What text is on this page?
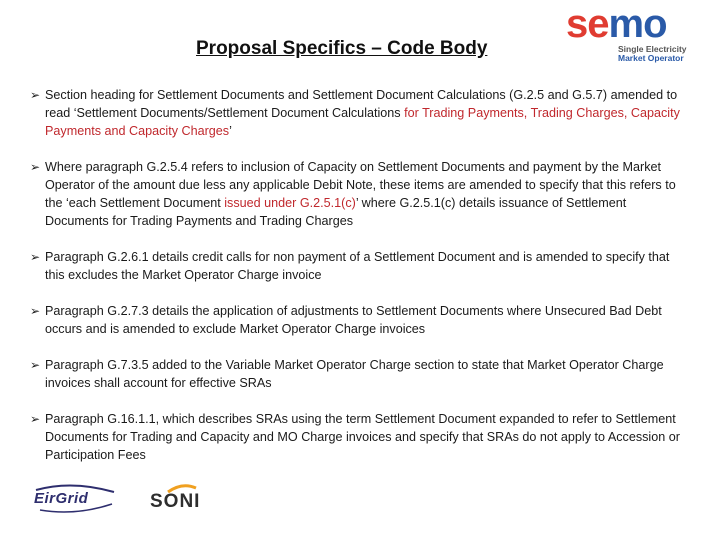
semo
Single Electricity
Market Operator
Proposal Specifics – Code Body
➢ Section heading for Settlement Documents and Settlement Document Calculations (G.2.5 and G.5.7) amended to read ‘Settlement Documents/Settlement Document Calculations for Trading Payments, Trading Charges, Capacity Payments and Capacity Charges’
➢ Where paragraph G.2.5.4 refers to inclusion of Capacity on Settlement Documents and payment by the Market Operator of the amount due less any applicable Debit Note, these items are amended to specify that this refers to the ‘each Settlement Document issued under G.2.5.1(c)’ where G.2.5.1(c) details issuance of Settlement Documents for Trading Payments and Trading Charges
➢ Paragraph G.2.6.1 details credit calls for non payment of a Settlement Document and is amended to specify that this excludes the Market Operator Charge invoice
➢ Paragraph G.2.7.3 details the application of adjustments to Settlement Documents where Unsecured Bad Debt occurs and is amended to exclude Market Operator Charge invoices
➢ Paragraph G.7.3.5 added to the Variable Market Operator Charge section to state that Market Operator Charge invoices shall account for effective SRAs
➢ Paragraph G.16.1.1, which describes SRAs using the term Settlement Document expanded to refer to Settlement Documents for Trading and Capacity and MO Charge invoices and specify that SRAs do not apply to Accession or Participation Fees
EirGrid	SONI
